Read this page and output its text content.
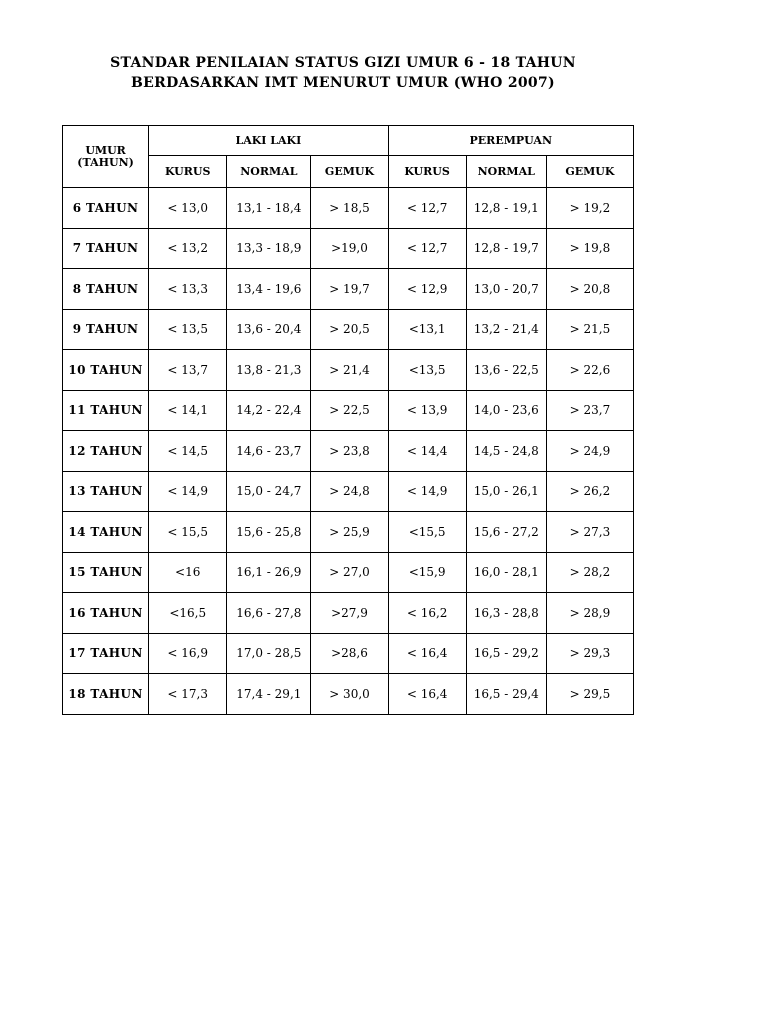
STANDAR PENILAIAN STATUS GIZI UMUR 6 - 18 TAHUN
BERDASARKAN IMT MENURUT UMUR (WHO 2007)
UMUR
(TAHUN)	LAKI LAKI			PEREMPUAN		
	KURUS	NORMAL	GEMUK	KURUS	NORMAL	GEMUK
6 TAHUN	< 13,0	13,1 - 18,4	> 18,5	< 12,7	12,8 - 19,1	> 19,2
7 TAHUN	< 13,2	13,3 - 18,9	>19,0	< 12,7	12,8 - 19,7	> 19,8
8 TAHUN	< 13,3	13,4 - 19,6	> 19,7	< 12,9	13,0 - 20,7	> 20,8
9 TAHUN	< 13,5	13,6 - 20,4	> 20,5	<13,1	13,2 - 21,4	> 21,5
10 TAHUN	< 13,7	13,8 - 21,3	> 21,4	<13,5	13,6 - 22,5	> 22,6
11 TAHUN	< 14,1	14,2 - 22,4	> 22,5	< 13,9	14,0 - 23,6	> 23,7
12 TAHUN	< 14,5	14,6 - 23,7	> 23,8	< 14,4	14,5 - 24,8	> 24,9
13 TAHUN	< 14,9	15,0 - 24,7	> 24,8	< 14,9	15,0 - 26,1	> 26,2
14 TAHUN	< 15,5	15,6 - 25,8	> 25,9	<15,5	15,6 - 27,2	> 27,3
15 TAHUN	<16	16,1 - 26,9	> 27,0	<15,9	16,0 - 28,1	> 28,2
16 TAHUN	<16,5	16,6 - 27,8	>27,9	< 16,2	16,3 - 28,8	> 28,9
17 TAHUN	< 16,9	17,0 - 28,5	>28,6	< 16,4	16,5 - 29,2	> 29,3
18 TAHUN	< 17,3	17,4 - 29,1	> 30,0	< 16,4	16,5 - 29,4	> 29,5
